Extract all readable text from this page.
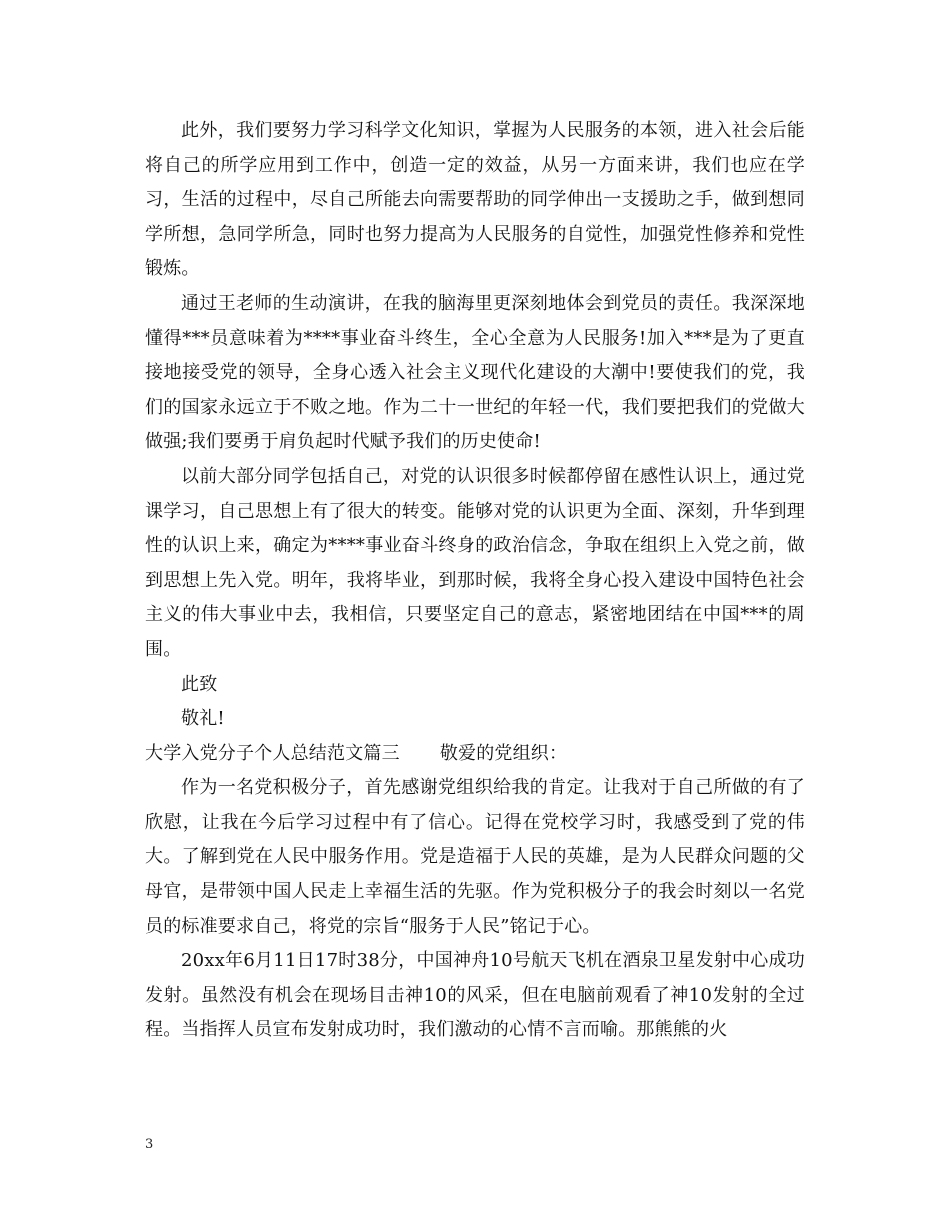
此外，我们要努力学习科学文化知识，掌握为人民服务的本领，进入社会后能将自己的所学应用到工作中，创造一定的效益，从另一方面来讲，我们也应在学习，生活的过程中，尽自己所能去向需要帮助的同学伸出一支援助之手，做到想同学所想，急同学所急，同时也努力提高为人民服务的自觉性，加强党性修养和党性锻炼。

通过王老师的生动演讲，在我的脑海里更深刻地体会到党员的责任。我深深地懂得***员意味着为****事业奋斗终生，全心全意为人民服务!加入***是为了更直接地接受党的领导，全身心透入社会主义现代化建设的大潮中!要使我们的党，我们的国家永远立于不败之地。作为二十一世纪的年轻一代，我们要把我们的党做大做强;我们要勇于肩负起时代赋予我们的历史使命!

以前大部分同学包括自己，对党的认识很多时候都停留在感性认识上，通过党课学习，自己思想上有了很大的转变。能够对党的认识更为全面、深刻，升华到理性的认识上来，确定为****事业奋斗终身的政治信念，争取在组织上入党之前，做到思想上先入党。明年，我将毕业，到那时候，我将全身心投入建设中国特色社会主义的伟大事业中去，我相信，只要坚定自己的意志，紧密地团结在中国***的周围。

此致

敬礼!

大学入党分子个人总结范文篇三 敬爱的党组织：

作为一名党积极分子，首先感谢党组织给我的肯定。让我对于自己所做的有了欣慰，让我在今后学习过程中有了信心。记得在党校学习时，我感受到了党的伟大。了解到党在人民中服务作用。党是造福于人民的英雄，是为人民群众问题的父母官，是带领中国人民走上幸福生活的先驱。作为党积极分子的我会时刻以一名党员的标准要求自己，将党的宗旨“服务于人民”铭记于心。

20xx年6月11日17时38分，中国神舟10号航天飞机在酒泉卫星发射中心成功发射。虽然没有机会在现场目击神10的风采，但在电脑前观看了神10发射的全过程。当指挥人员宣布发射成功时，我们激动的心情不言而喻。那熊熊的火

3
